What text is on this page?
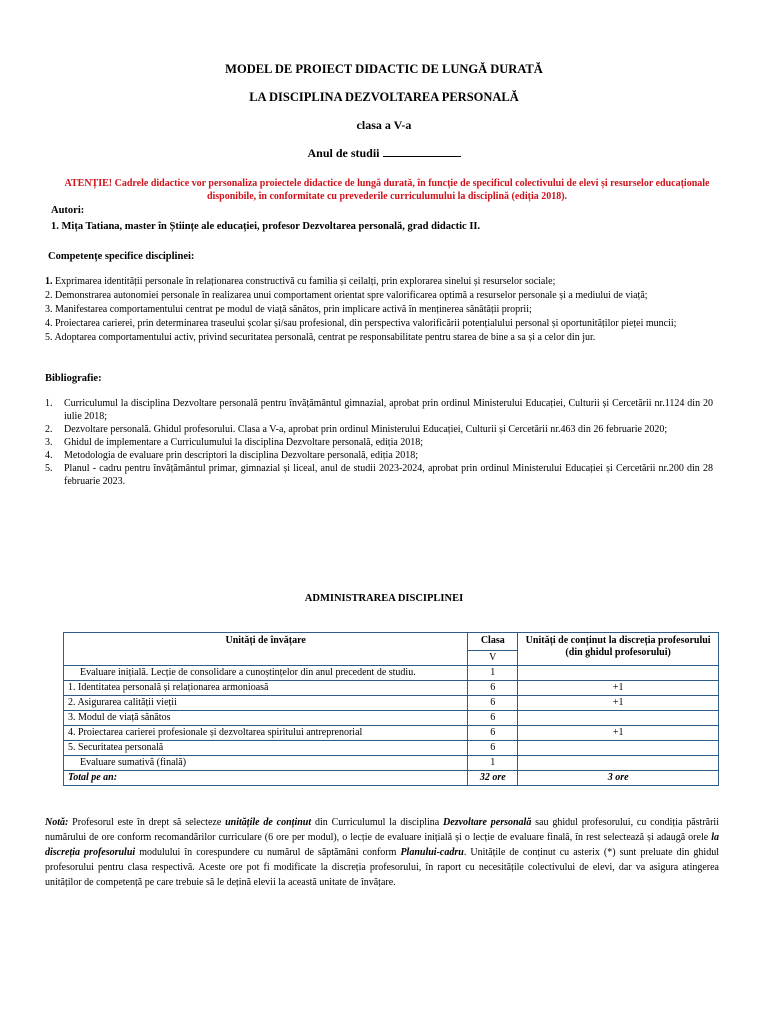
MODEL DE PROIECT DIDACTIC DE LUNGĂ DURATĂ
LA DISCIPLINA DEZVOLTAREA PERSONALĂ
clasa a V-a
Anul de studii
ATENȚIE! Cadrele didactice vor personaliza proiectele didactice de lungă durată, în funcție de specificul colectivului de elevi și resurselor educaționale disponibile, în conformitate cu prevederile curriculumului la disciplină (ediția 2018).
Autori:
1. Mița Tatiana, master în Științe ale educației, profesor Dezvoltarea personală, grad didactic II.
Competențe specifice disciplinei:
1. Exprimarea identității personale în relaționarea constructivă cu familia și ceilalți, prin explorarea sinelui și resurselor sociale;
2. Demonstrarea autonomiei personale în realizarea unui comportament orientat spre valorificarea optimă a resurselor personale și a mediului de viață;
3. Manifestarea comportamentului centrat pe modul de viață sănătos, prin implicare activă în menținerea sănătății proprii;
4. Proiectarea carierei, prin determinarea traseului școlar și/sau profesional, din perspectiva valorificării potențialului personal și oportunităților pieței muncii;
5. Adoptarea comportamentului activ, privind securitatea personală, centrat pe responsabilitate pentru starea de bine a sa și a celor din jur.
Bibliografie:
1.	Curriculumul la disciplina Dezvoltare personală pentru învățământul gimnazial, aprobat prin ordinul Ministerului Educației, Culturii și Cercetării nr.1124 din 20 iulie 2018;
2.	Dezvoltare personală. Ghidul profesorului. Clasa a V-a, aprobat prin ordinul Ministerului Educației, Culturii și Cercetării nr.463 din 26 februarie 2020;
3.	Ghidul de implementare a Curriculumului la disciplina Dezvoltare personală, ediția 2018;
4.	Metodologia de evaluare prin descriptori la disciplina Dezvoltare personală, ediția 2018;
5.	Planul - cadru pentru învățământul primar, gimnazial și liceal, anul de studii 2023-2024, aprobat prin ordinul Ministerului Educației și Cercetării nr.200 din 28 februarie 2023.
ADMINISTRAREA DISCIPLINEI
Unități de învățare	Clasa	Unități de conținut la discreția profesorului (din ghidul profesorului)
	V	
Evaluare inițială. Lecție de consolidare a cunoștințelor din anul precedent de studiu.	1	
1. Identitatea personală și relaționarea armonioasă	6	+1
2. Asigurarea calității vieții	6	+1
3. Modul de viață sănătos	6	
4. Proiectarea carierei profesionale și dezvoltarea spiritului antreprenorial	6	+1
5. Securitatea personală	6	
Evaluare sumativă (finală)	1	
Total pe an:	32 ore	3 ore
Notă: Profesorul este în drept să selecteze unitățile de conținut din Curriculumul la disciplina Dezvoltare personală sau ghidul profesorului, cu condiția păstrării numărului de ore conform recomandărilor curriculare (6 ore per modul), o lecție de evaluare inițială și o lecție de evaluare finală, în rest selectează și adaugă orele la discreția profesorului modulului în corespundere cu numărul de săptămâni conform Planului-cadru. Unitățile de conținut cu asterix (*) sunt preluate din ghidul profesorului pentru clasa respectivă. Aceste ore pot fi modificate la discreția profesorului, în raport cu necesitățile colectivului de elevi, dar va asigura atingerea unităților de competență pe care trebuie să le dețină elevii la această unitate de învățare.
